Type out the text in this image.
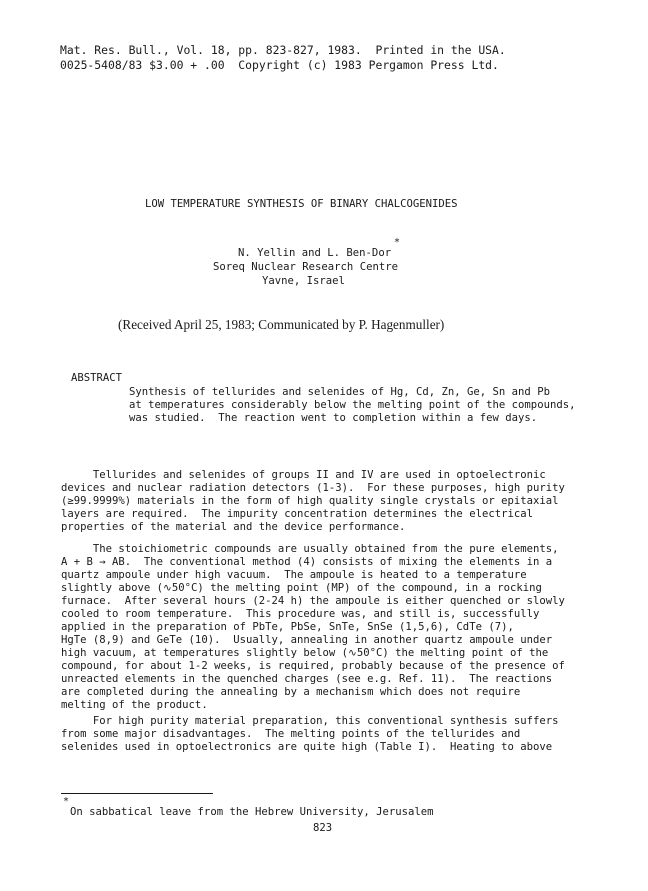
Mat. Res. Bull., Vol. 18, pp. 823-827, 1983.  Printed in the USA.
0025-5408/83 $3.00 + .00  Copyright (c) 1983 Pergamon Press Ltd.
LOW TEMPERATURE SYNTHESIS OF BINARY CHALCOGENIDES
*
N. Yellin and L. Ben-Dor
Soreq Nuclear Research Centre
Yavne, Israel
(Received April 25, 1983; Communicated by P. Hagenmuller)
ABSTRACT
Synthesis of tellurides and selenides of Hg, Cd, Zn, Ge, Sn and Pb
at temperatures considerably below the melting point of the compounds,
was studied.  The reaction went to completion within a few days.
Tellurides and selenides of groups II and IV are used in optoelectronic
devices and nuclear radiation detectors (1-3).  For these purposes, high purity
(≥99.9999%) materials in the form of high quality single crystals or epitaxial
layers are required.  The impurity concentration determines the electrical
properties of the material and the device performance.
The stoichiometric compounds are usually obtained from the pure elements,
A + B → AB.  The conventional method (4) consists of mixing the elements in a
quartz ampoule under high vacuum.  The ampoule is heated to a temperature
slightly above (∿50°C) the melting point (MP) of the compound, in a rocking
furnace.  After several hours (2-24 h) the ampoule is either quenched or slowly
cooled to room temperature.  This procedure was, and still is, successfully
applied in the preparation of PbTe, PbSe, SnTe, SnSe (1,5,6), CdTe (7),
HgTe (8,9) and GeTe (10).  Usually, annealing in another quartz ampoule under
high vacuum, at temperatures slightly below (∿50°C) the melting point of the
compound, for about 1-2 weeks, is required, probably because of the presence of
unreacted elements in the quenched charges (see e.g. Ref. 11).  The reactions
are completed during the annealing by a mechanism which does not require
melting of the product.
For high purity material preparation, this conventional synthesis suffers
from some major disadvantages.  The melting points of the tellurides and
selenides used in optoelectronics are quite high (Table I).  Heating to above
*
On sabbatical leave from the Hebrew University, Jerusalem
823
